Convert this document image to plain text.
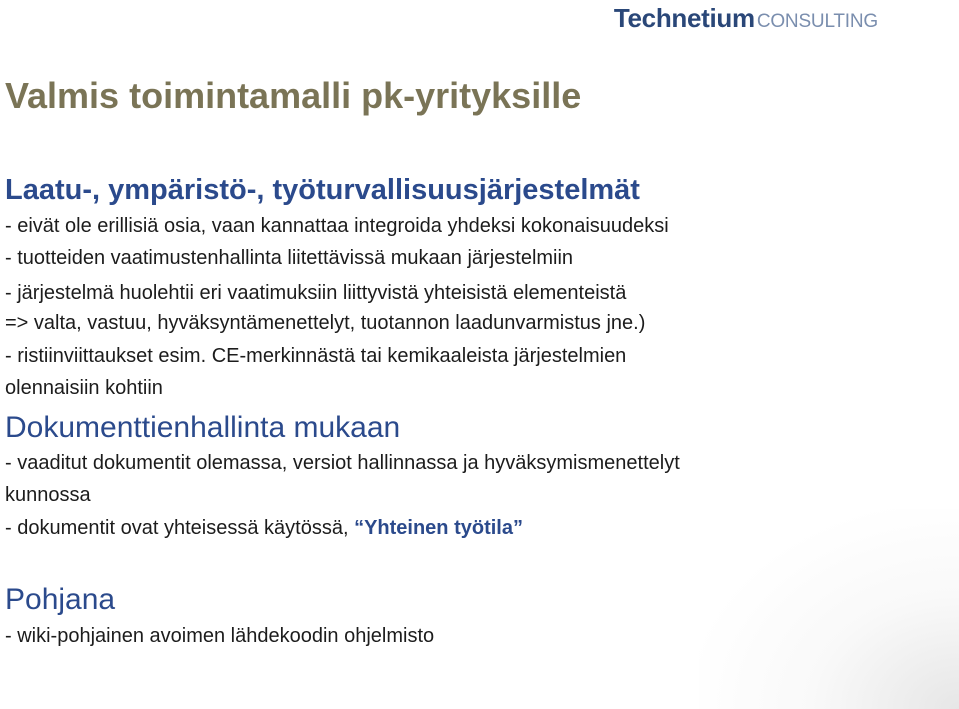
Technetium CONSULTING
Valmis toimintamalli pk-yrityksille
Laatu-, ympäristö-, työturvallisuusjärjestelmät
- eivät ole erillisiä osia, vaan kannattaa integroida yhdeksi kokonaisuudeksi
- tuotteiden vaatimustenhallinta liitettävissä mukaan järjestelmiin
- järjestelmä huolehtii eri vaatimuksiin liittyvistä yhteisistä elementeistä
=> valta, vastuu, hyväksyntämenettelyt, tuotannon laadunvarmistus jne.)
- ristiinviittaukset esim. CE-merkinnästä tai kemikaaleista järjestelmien
olennaisiin kohtiin
Dokumenttienhallinta mukaan
- vaaditut dokumentit olemassa, versiot hallinnassa ja hyväksymismenettelyt
kunnossa
- dokumentit ovat yhteisessä käytössä, “Yhteinen työtila”
Pohjana
- wiki-pohjainen avoimen lähdekoodin ohjelmisto
